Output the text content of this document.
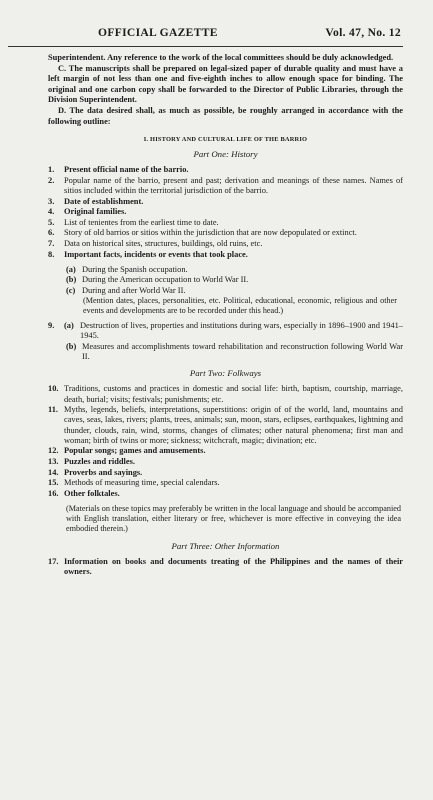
OFFICIAL GAZETTE	Vol. 47, No. 12

Superintendent. Any reference to the work of the local committees should be duly acknowledged.

C. The manuscripts shall be prepared on legal-sized paper of durable quality and must have a left margin of not less than one and five-eighth inches to allow enough space for binding. The original and one carbon copy shall be forwarded to the Director of Public Libraries, through the Division Superintendent.

D. The data desired shall, as much as possible, be roughly arranged in accordance with the following outline:

I. HISTORY AND CULTURAL LIFE OF THE BARRIO
Part One: History
1.	Present official name of the barrio.
2.	Popular name of the barrio, present and past; derivation and meanings of these names. Names of sitios included within the territorial jurisdiction of the barrio.
3.	Date of establishment.
4.	Original families.
5.	List of tenientes from the earliest time to date.
6.	Story of old barrios or sitios within the jurisdiction that are now depopulated or extinct.
7.	Data on historical sites, structures, buildings, old ruins, etc.
8.	Important facts, incidents or events that took place.
(a) During the Spanish occupation.
(b) During the American occupation to World War II.
(c) During and after World War II.
(Mention dates, places, personalities, etc. Political, educational, economic, religious and other events and developments are to be recorded under this head.)
9.	(a) Destruction of lives, properties and institutions during wars, especially in 1896–1900 and 1941–1945.
(b) Measures and accomplishments toward rehabilitation and reconstruction following World War II.
Part Two: Folkways
10. Traditions, customs and practices in domestic and social life: birth, baptism, courtship, marriage, death, burial; visits; festivals; punishments; etc.
11. Myths, legends, beliefs, interpretations, superstitions: origin of of the world, land, mountains and caves, seas, lakes, rivers; plants, trees, animals; sun, moon, stars, eclipses, earthquakes, lightning and thunder, clouds, rain, wind, storms, changes of climates; other natural phenomena; first man and woman; birth of twins or more; sickness; witchcraft, magic; divination; etc.
12. Popular songs; games and amusements.
13. Puzzles and riddles.
14. Proverbs and sayings.
15. Methods of measuring time, special calendars.
16. Other folktales.
(Materials on these topics may preferably be written in the local language and should be accompanied with English translation, either literary or free, whichever is more effective in conveying the idea embodied therein.)
Part Three: Other Information
17. Information on books and documents treating of the Philippines and the names of their owners.
